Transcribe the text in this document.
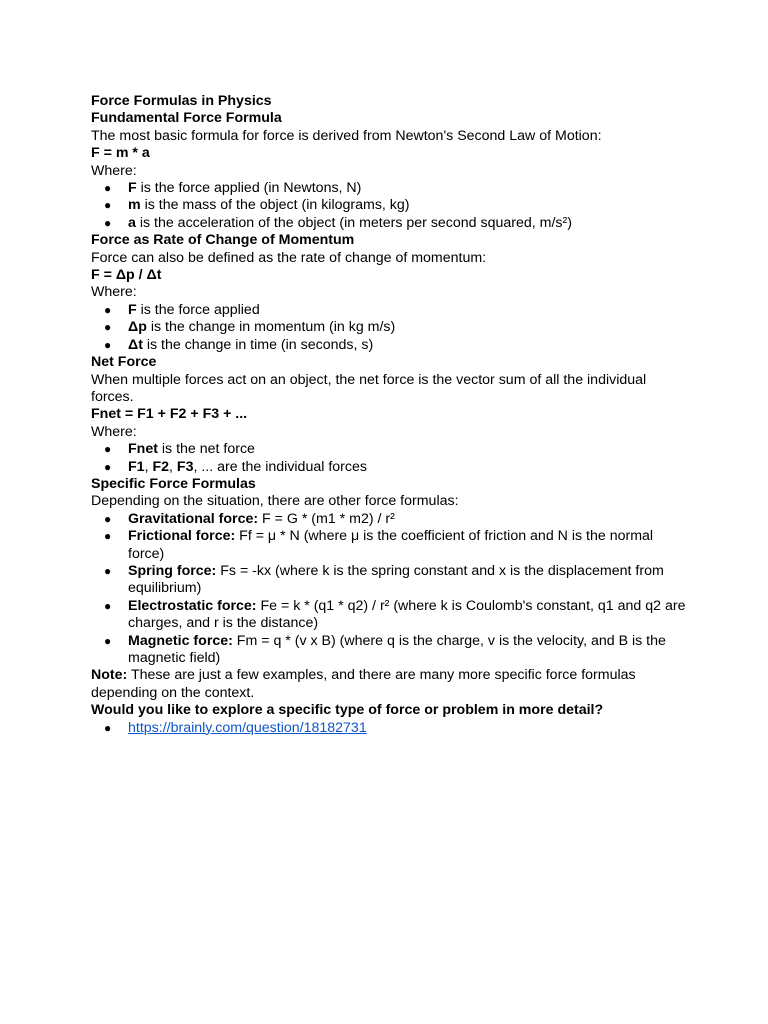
Force Formulas in Physics
Fundamental Force Formula
The most basic formula for force is derived from Newton's Second Law of Motion:
F = m * a
Where:
● F is the force applied (in Newtons, N)
● m is the mass of the object (in kilograms, kg)
● a is the acceleration of the object (in meters per second squared, m/s²)
Force as Rate of Change of Momentum
Force can also be defined as the rate of change of momentum:
F = Δp / Δt
Where:
● F is the force applied
● Δp is the change in momentum (in kg m/s)
● Δt is the change in time (in seconds, s)
Net Force
When multiple forces act on an object, the net force is the vector sum of all the individual forces.
Fnet = F1 + F2 + F3 + ...
Where:
● Fnet is the net force
● F1, F2, F3, ... are the individual forces
Specific Force Formulas
Depending on the situation, there are other force formulas:
● Gravitational force: F = G * (m1 * m2) / r²
● Frictional force: Ff = μ * N (where μ is the coefficient of friction and N is the normal force)
● Spring force: Fs = -kx (where k is the spring constant and x is the displacement from equilibrium)
● Electrostatic force: Fe = k * (q1 * q2) / r² (where k is Coulomb's constant, q1 and q2 are charges, and r is the distance)
● Magnetic force: Fm = q * (v x B) (where q is the charge, v is the velocity, and B is the magnetic field)
Note: These are just a few examples, and there are many more specific force formulas depending on the context.
Would you like to explore a specific type of force or problem in more detail?
● https://brainly.com/question/18182731
